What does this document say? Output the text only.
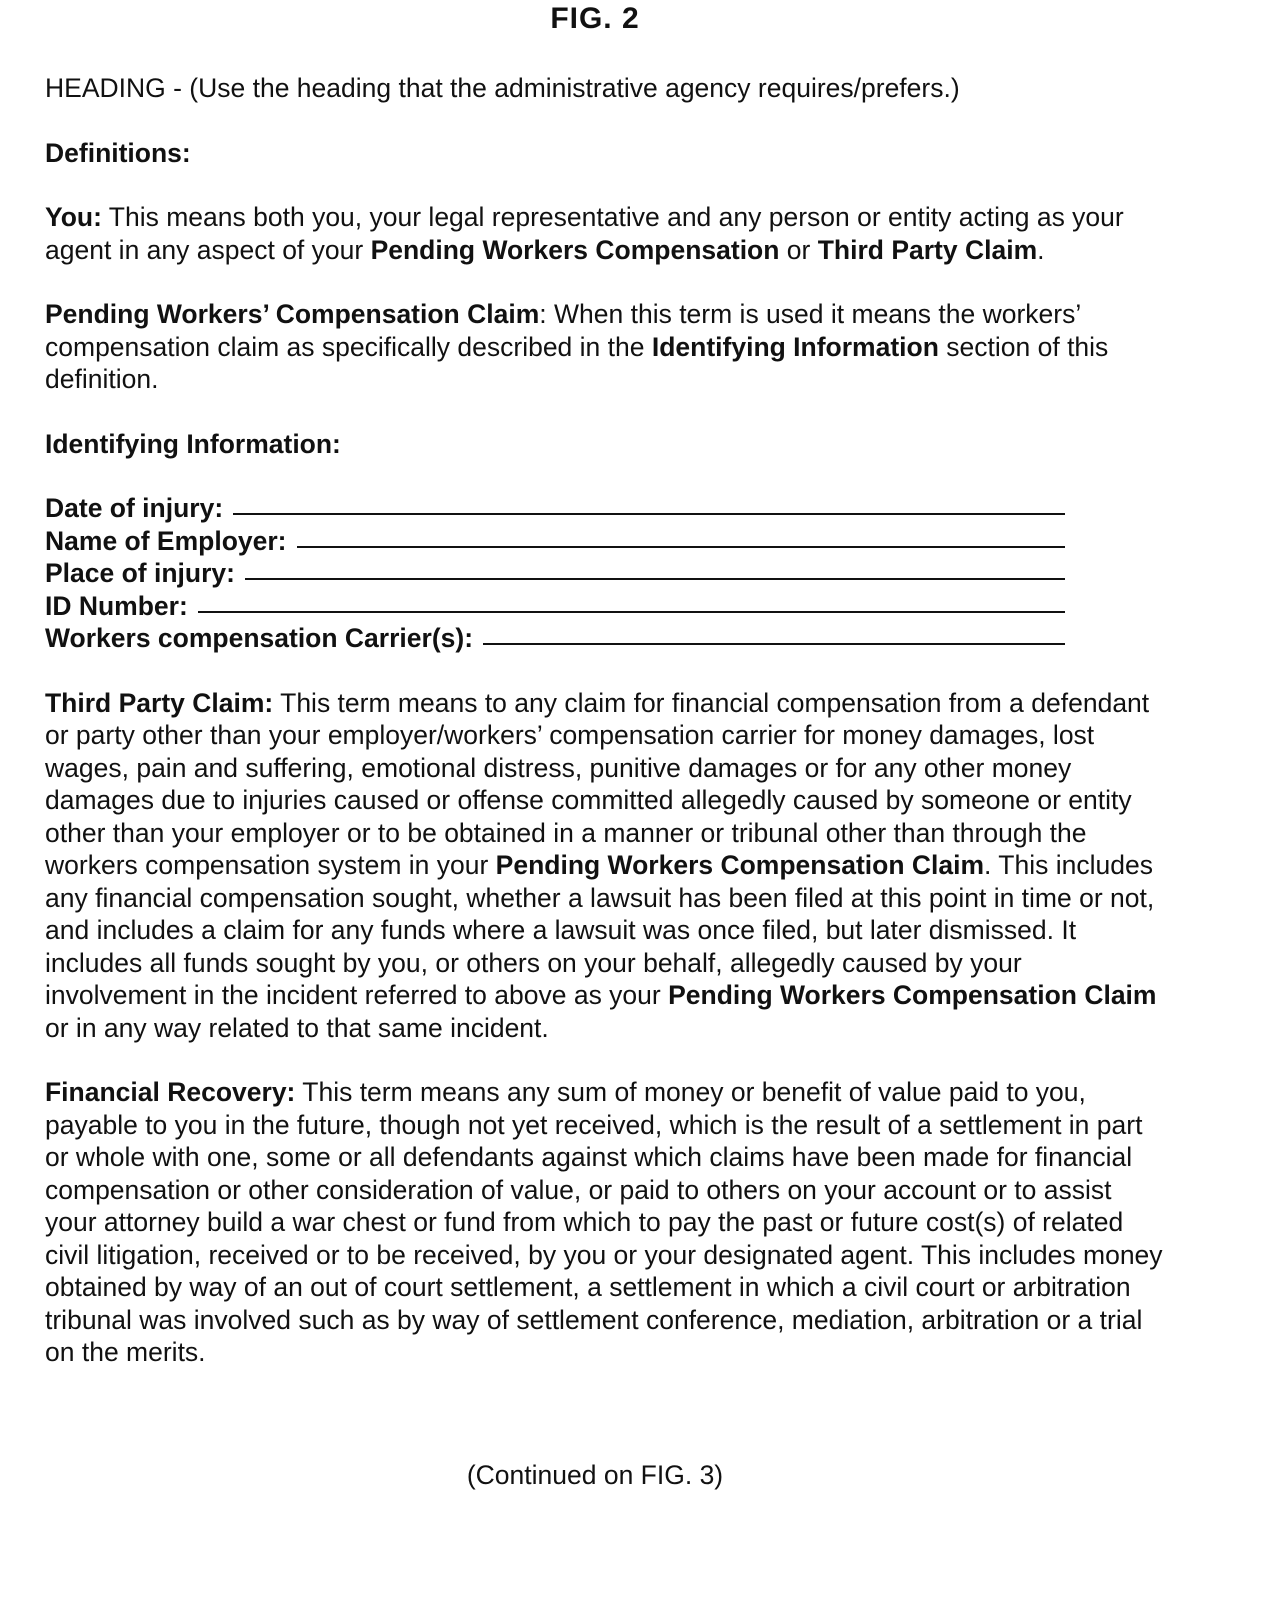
FIG. 2

HEADING - (Use the heading that the administrative agency requires/prefers.)

Definitions:

You: This means both you, your legal representative and any person or entity acting as your agent in any aspect of your Pending Workers Compensation or Third Party Claim.

Pending Workers’ Compensation Claim: When this term is used it means the workers’ compensation claim as specifically described in the Identifying Information section of this definition.

Identifying Information:

Date of injury:
Name of Employer:
Place of injury:
ID Number:
Workers compensation Carrier(s):

Third Party Claim: This term means to any claim for financial compensation from a defendant or party other than your employer/workers’ compensation carrier for money damages, lost wages, pain and suffering, emotional distress, punitive damages or for any other money damages due to injuries caused or offense committed allegedly caused by someone or entity other than your employer or to be obtained in a manner or tribunal other than through the workers compensation system in your Pending Workers Compensation Claim. This includes any financial compensation sought, whether a lawsuit has been filed at this point in time or not, and includes a claim for any funds where a lawsuit was once filed, but later dismissed. It includes all funds sought by you, or others on your behalf, allegedly caused by your involvement in the incident referred to above as your Pending Workers Compensation Claim or in any way related to that same incident.

Financial Recovery: This term means any sum of money or benefit of value paid to you, payable to you in the future, though not yet received, which is the result of a settlement in part or whole with one, some or all defendants against which claims have been made for financial compensation or other consideration of value, or paid to others on your account or to assist your attorney build a war chest or fund from which to pay the past or future cost(s) of related civil litigation, received or to be received, by you or your designated agent. This includes money obtained by way of an out of court settlement, a settlement in which a civil court or arbitration tribunal was involved such as by way of settlement conference, mediation, arbitration or a trial on the merits.

(Continued on FIG. 3)
